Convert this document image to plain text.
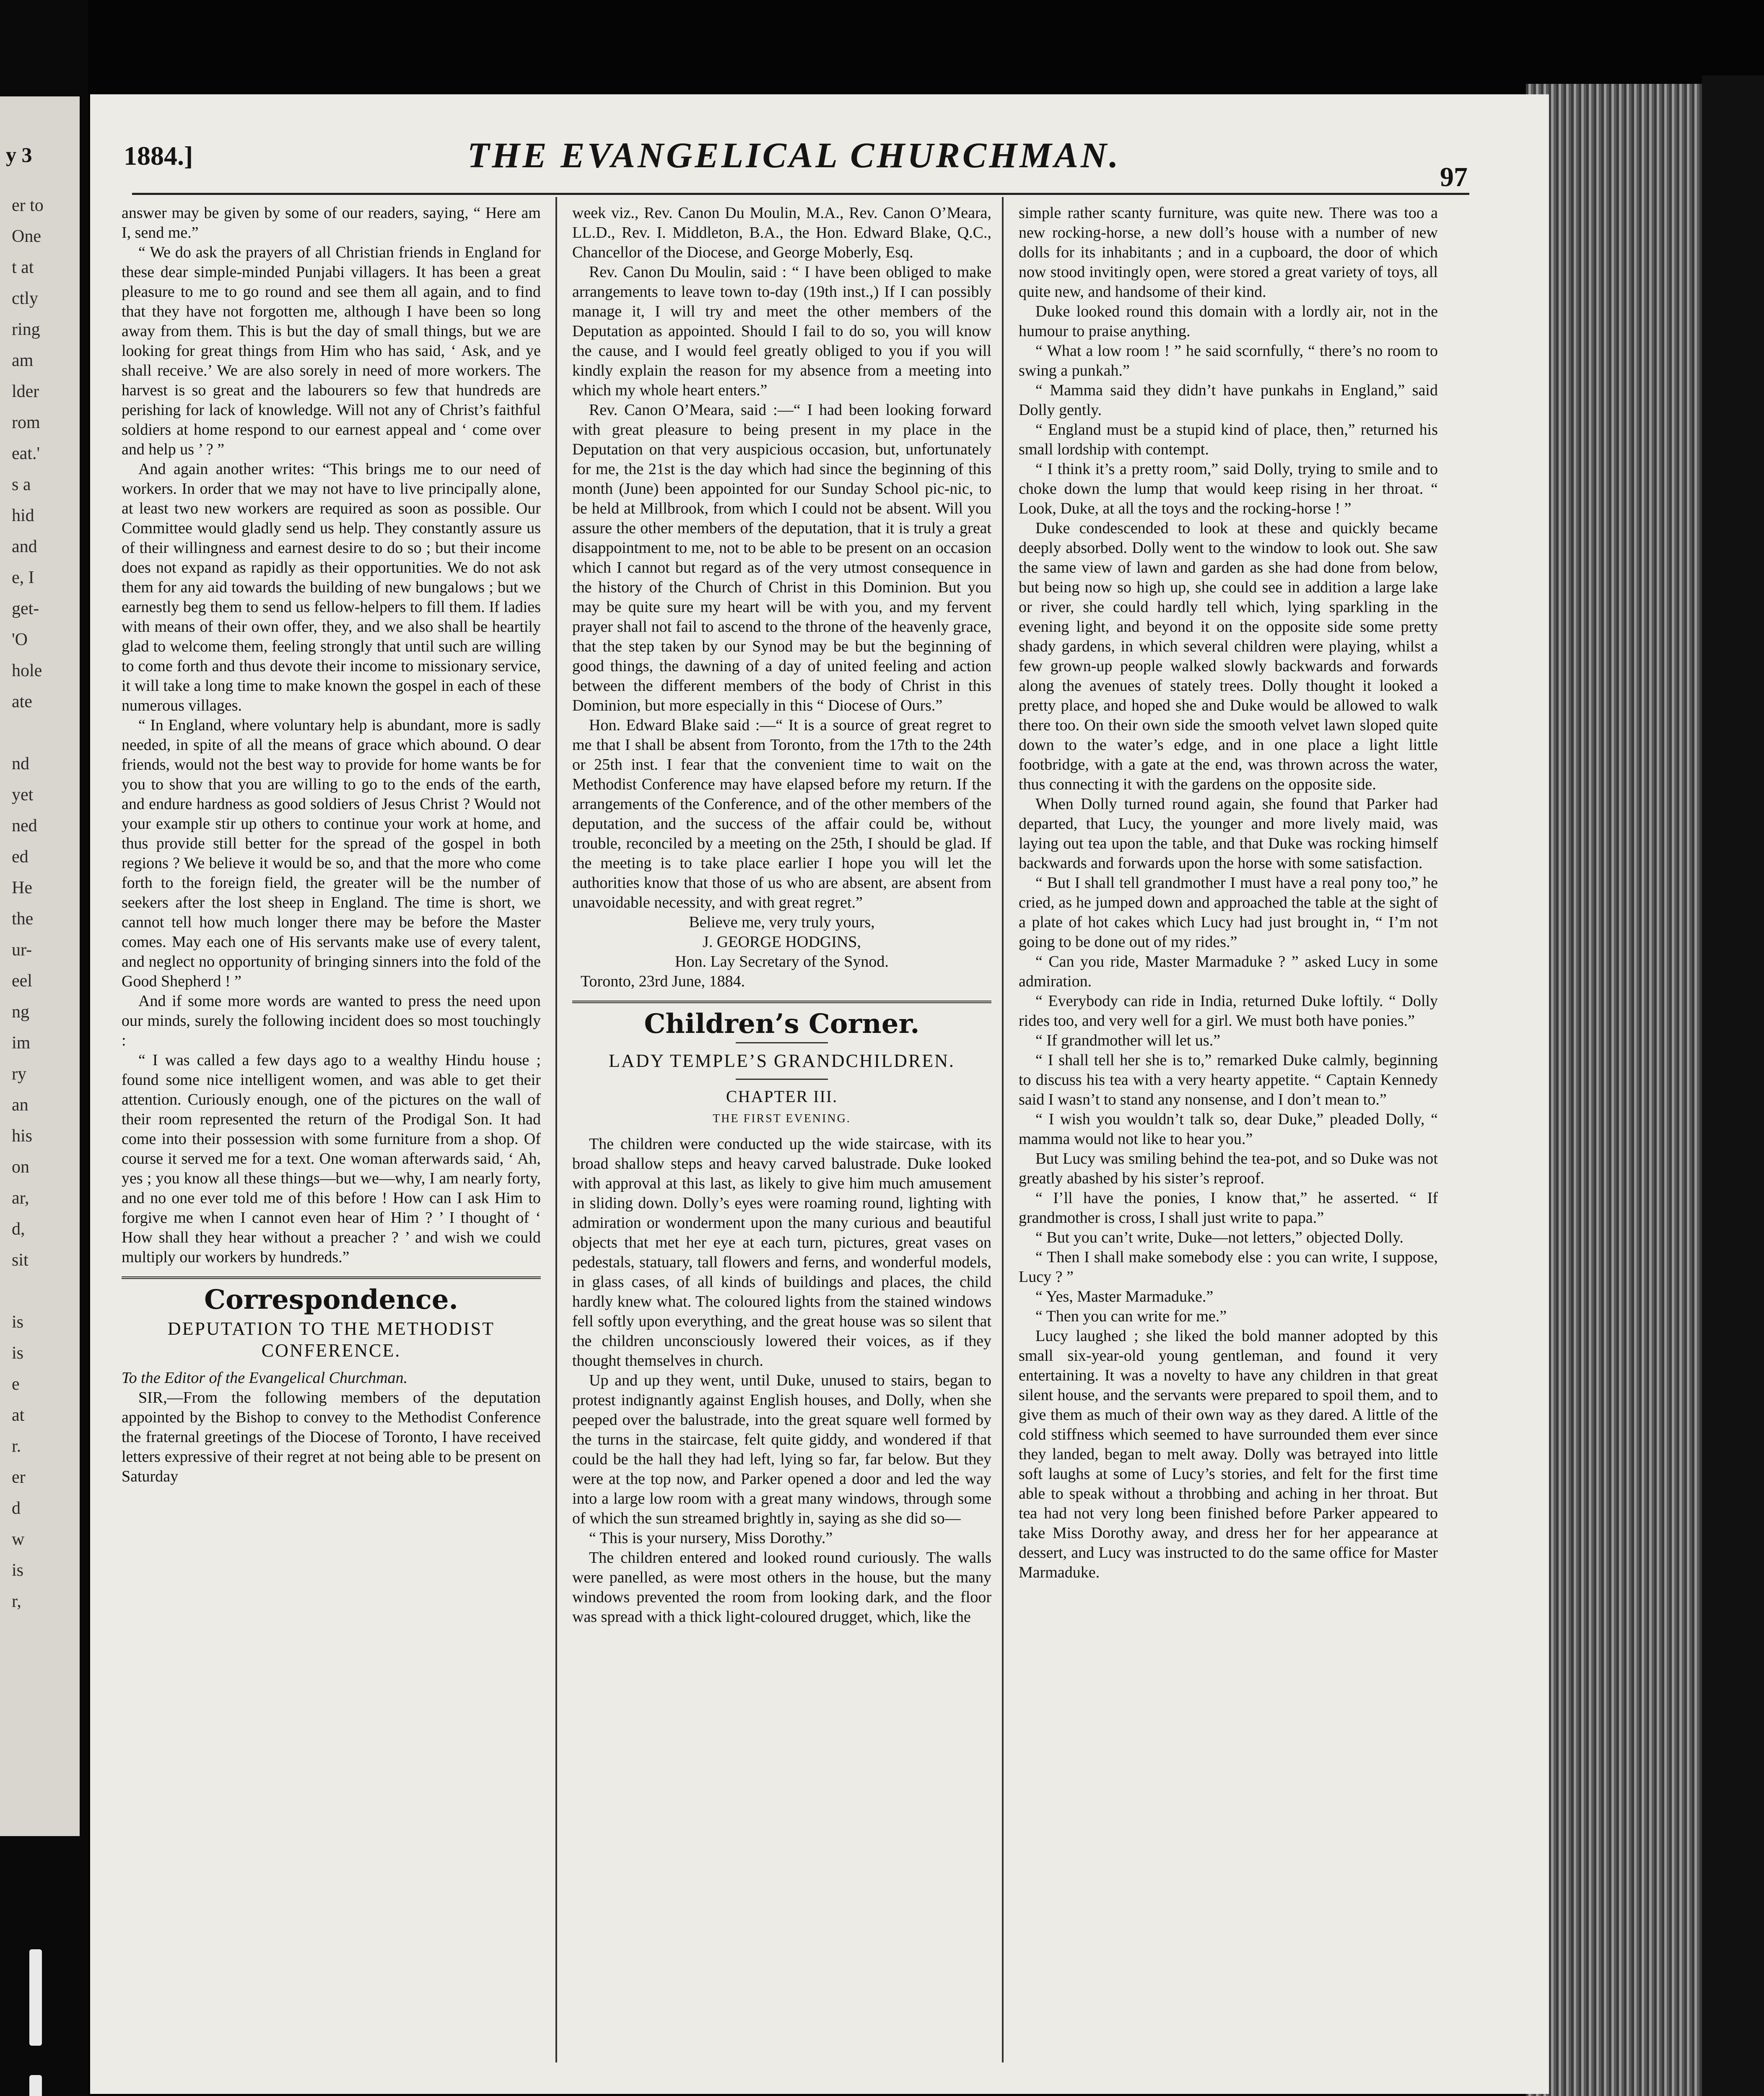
y 3
er to
One
t at
ctly
ring
am
lder
rom
eat.'
s a
hid
and
e, I
get-
'O
hole
ate
nd
yet
ned
ed
He
the
ur-
eel
ng
im
ry
an
his
on
ar,
d,
sit
is
is
e
at
r.
er
d
w
is
r,
1884.]	THE EVANGELICAL CHURCHMAN.
97

answer may be given by some of our readers, saying, “ Here am I, send me.”

“ We do ask the prayers of all Christian friends in England for these dear simple-minded Punjabi villagers. It has been a great pleasure to me to go round and see them all again, and to find that they have not forgotten me, although I have been so long away from them. This is but the day of small things, but we are looking for great things from Him who has said, ‘ Ask, and ye shall receive.’ We are also sorely in need of more workers. The harvest is so great and the labourers so few that hundreds are perishing for lack of knowledge. Will not any of Christ’s faithful soldiers at home respond to our earnest appeal and ‘ come over and help us ’ ? ”

And again another writes: “This brings me to our need of workers. In order that we may not have to live principally alone, at least two new workers are required as soon as possible. Our Committee would gladly send us help. They constantly assure us of their willingness and earnest desire to do so ; but their income does not expand as rapidly as their opportunities. We do not ask them for any aid towards the building of new bungalows ; but we earnestly beg them to send us fellow-helpers to fill them. If ladies with means of their own offer, they, and we also shall be heartily glad to welcome them, feeling strongly that until such are willing to come forth and thus devote their income to missionary service, it will take a long time to make known the gospel in each of these numerous villages.

“ In England, where voluntary help is abundant, more is sadly needed, in spite of all the means of grace which abound. O dear friends, would not the best way to provide for home wants be for you to show that you are willing to go to the ends of the earth, and endure hardness as good soldiers of Jesus Christ ? Would not your example stir up others to continue your work at home, and thus provide still better for the spread of the gospel in both regions ? We believe it would be so, and that the more who come forth to the foreign field, the greater will be the number of seekers after the lost sheep in England. The time is short, we cannot tell how much longer there may be before the Master comes. May each one of His servants make use of every talent, and neglect no opportunity of bringing sinners into the fold of the Good Shepherd ! ”

And if some more words are wanted to press the need upon our minds, surely the following incident does so most touchingly :

“ I was called a few days ago to a wealthy Hindu house ; found some nice intelligent women, and was able to get their attention. Curiously enough, one of the pictures on the wall of their room represented the return of the Prodigal Son. It had come into their possession with some furniture from a shop. Of course it served me for a text. One woman afterwards said, ‘ Ah, yes ; you know all these things—but we—why, I am nearly forty, and no one ever told me of this before ! How can I ask Him to forgive me when I cannot even hear of Him ? ’ I thought of ‘ How shall they hear without a preacher ? ’ and wish we could multiply our workers by hundreds.”

Correspondence.
DEPUTATION TO THE METHODIST CONFERENCE.

To the Editor of the Evangelical Churchman.

SIR,—From the following members of the deputation appointed by the Bishop to convey to the Methodist Conference the fraternal greetings of the Diocese of Toronto, I have received letters expressive of their regret at not being able to be present on Saturday

week viz., Rev. Canon Du Moulin, M.A., Rev. Canon O’Meara, LL.D., Rev. I. Middleton, B.A., the Hon. Edward Blake, Q.C., Chancellor of the Diocese, and George Moberly, Esq.

Rev. Canon Du Moulin, said : “ I have been obliged to make arrangements to leave town to-day (19th inst.,) If I can possibly manage it, I will try and meet the other members of the Deputation as appointed. Should I fail to do so, you will know the cause, and I would feel greatly obliged to you if you will kindly explain the reason for my absence from a meeting into which my whole heart enters.”

Rev. Canon O’Meara, said :—“ I had been looking forward with great pleasure to being present in my place in the Deputation on that very auspicious occasion, but, unfortunately for me, the 21st is the day which had since the beginning of this month (June) been appointed for our Sunday School pic-nic, to be held at Millbrook, from which I could not be absent. Will you assure the other members of the deputation, that it is truly a great disappointment to me, not to be able to be present on an occasion which I cannot but regard as of the very utmost consequence in the history of the Church of Christ in this Dominion. But you may be quite sure my heart will be with you, and my fervent prayer shall not fail to ascend to the throne of the heavenly grace, that the step taken by our Synod may be but the beginning of good things, the dawning of a day of united feeling and action between the different members of the body of Christ in this Dominion, but more especially in this “ Diocese of Ours.”

Hon. Edward Blake said :—“ It is a source of great regret to me that I shall be absent from Toronto, from the 17th to the 24th or 25th inst. I fear that the convenient time to wait on the Methodist Conference may have elapsed before my return. If the arrangements of the Conference, and of the other members of the deputation, and the success of the affair could be, without trouble, reconciled by a meeting on the 25th, I should be glad. If the meeting is to take place earlier I hope you will let the authorities know that those of us who are absent, are absent from unavoidable necessity, and with great regret.”

Believe me, very truly yours,

J. GEORGE HODGINS,

Hon. Lay Secretary of the Synod.

Toronto, 23rd June, 1884.

Children’s Corner.
LADY TEMPLE’S GRANDCHILDREN.
CHAPTER III.
THE FIRST EVENING.

The children were conducted up the wide staircase, with its broad shallow steps and heavy carved balustrade. Duke looked with approval at this last, as likely to give him much amusement in sliding down. Dolly’s eyes were roaming round, lighting with admiration or wonderment upon the many curious and beautiful objects that met her eye at each turn, pictures, great vases on pedestals, statuary, tall flowers and ferns, and wonderful models, in glass cases, of all kinds of buildings and places, the child hardly knew what. The coloured lights from the stained windows fell softly upon everything, and the great house was so silent that the children unconsciously lowered their voices, as if they thought themselves in church.

Up and up they went, until Duke, unused to stairs, began to protest indignantly against English houses, and Dolly, when she peeped over the balustrade, into the great square well formed by the turns in the staircase, felt quite giddy, and wondered if that could be the hall they had left, lying so far, far below. But they were at the top now, and Parker opened a door and led the way into a large low room with a great many windows, through some of which the sun streamed brightly in, saying as she did so—

“ This is your nursery, Miss Dorothy.”

The children entered and looked round curiously. The walls were panelled, as were most others in the house, but the many windows prevented the room from looking dark, and the floor was spread with a thick light-coloured drugget, which, like the

simple rather scanty furniture, was quite new. There was too a new rocking-horse, a new doll’s house with a number of new dolls for its inhabitants ; and in a cupboard, the door of which now stood invitingly open, were stored a great variety of toys, all quite new, and handsome of their kind.

Duke looked round this domain with a lordly air, not in the humour to praise anything.

“ What a low room ! ” he said scornfully, “ there’s no room to swing a punkah.”

“ Mamma said they didn’t have punkahs in England,” said Dolly gently.

“ England must be a stupid kind of place, then,” returned his small lordship with contempt.

“ I think it’s a pretty room,” said Dolly, trying to smile and to choke down the lump that would keep rising in her throat. “ Look, Duke, at all the toys and the rocking-horse ! ”

Duke condescended to look at these and quickly became deeply absorbed. Dolly went to the window to look out. She saw the same view of lawn and garden as she had done from below, but being now so high up, she could see in addition a large lake or river, she could hardly tell which, lying sparkling in the evening light, and beyond it on the opposite side some pretty shady gardens, in which several children were playing, whilst a few grown-up people walked slowly backwards and forwards along the avenues of stately trees. Dolly thought it looked a pretty place, and hoped she and Duke would be allowed to walk there too. On their own side the smooth velvet lawn sloped quite down to the water’s edge, and in one place a light little footbridge, with a gate at the end, was thrown across the water, thus connecting it with the gardens on the opposite side.

When Dolly turned round again, she found that Parker had departed, that Lucy, the younger and more lively maid, was laying out tea upon the table, and that Duke was rocking himself backwards and forwards upon the horse with some satisfaction.

“ But I shall tell grandmother I must have a real pony too,” he cried, as he jumped down and approached the table at the sight of a plate of hot cakes which Lucy had just brought in, “ I’m not going to be done out of my rides.”

“ Can you ride, Master Marmaduke ? ” asked Lucy in some admiration.

“ Everybody can ride in India, returned Duke loftily. “ Dolly rides too, and very well for a girl. We must both have ponies.”

“ If grandmother will let us.”

“ I shall tell her she is to,” remarked Duke calmly, beginning to discuss his tea with a very hearty appetite. “ Captain Kennedy said I wasn’t to stand any nonsense, and I don’t mean to.”

“ I wish you wouldn’t talk so, dear Duke,” pleaded Dolly, “ mamma would not like to hear you.”

But Lucy was smiling behind the tea-pot, and so Duke was not greatly abashed by his sister’s reproof.

“ I’ll have the ponies, I know that,” he asserted. “ If grandmother is cross, I shall just write to papa.”

“ But you can’t write, Duke—not letters,” objected Dolly.

“ Then I shall make somebody else : you can write, I suppose, Lucy ? ”

“ Yes, Master Marmaduke.”

“ Then you can write for me.”

Lucy laughed ; she liked the bold manner adopted by this small six-year-old young gentleman, and found it very entertaining. It was a novelty to have any children in that great silent house, and the servants were prepared to spoil them, and to give them as much of their own way as they dared. A little of the cold stiffness which seemed to have surrounded them ever since they landed, began to melt away. Dolly was betrayed into little soft laughs at some of Lucy’s stories, and felt for the first time able to speak without a throbbing and aching in her throat. But tea had not very long been finished before Parker appeared to take Miss Dorothy away, and dress her for her appearance at dessert, and Lucy was instructed to do the same office for Master Marmaduke.
